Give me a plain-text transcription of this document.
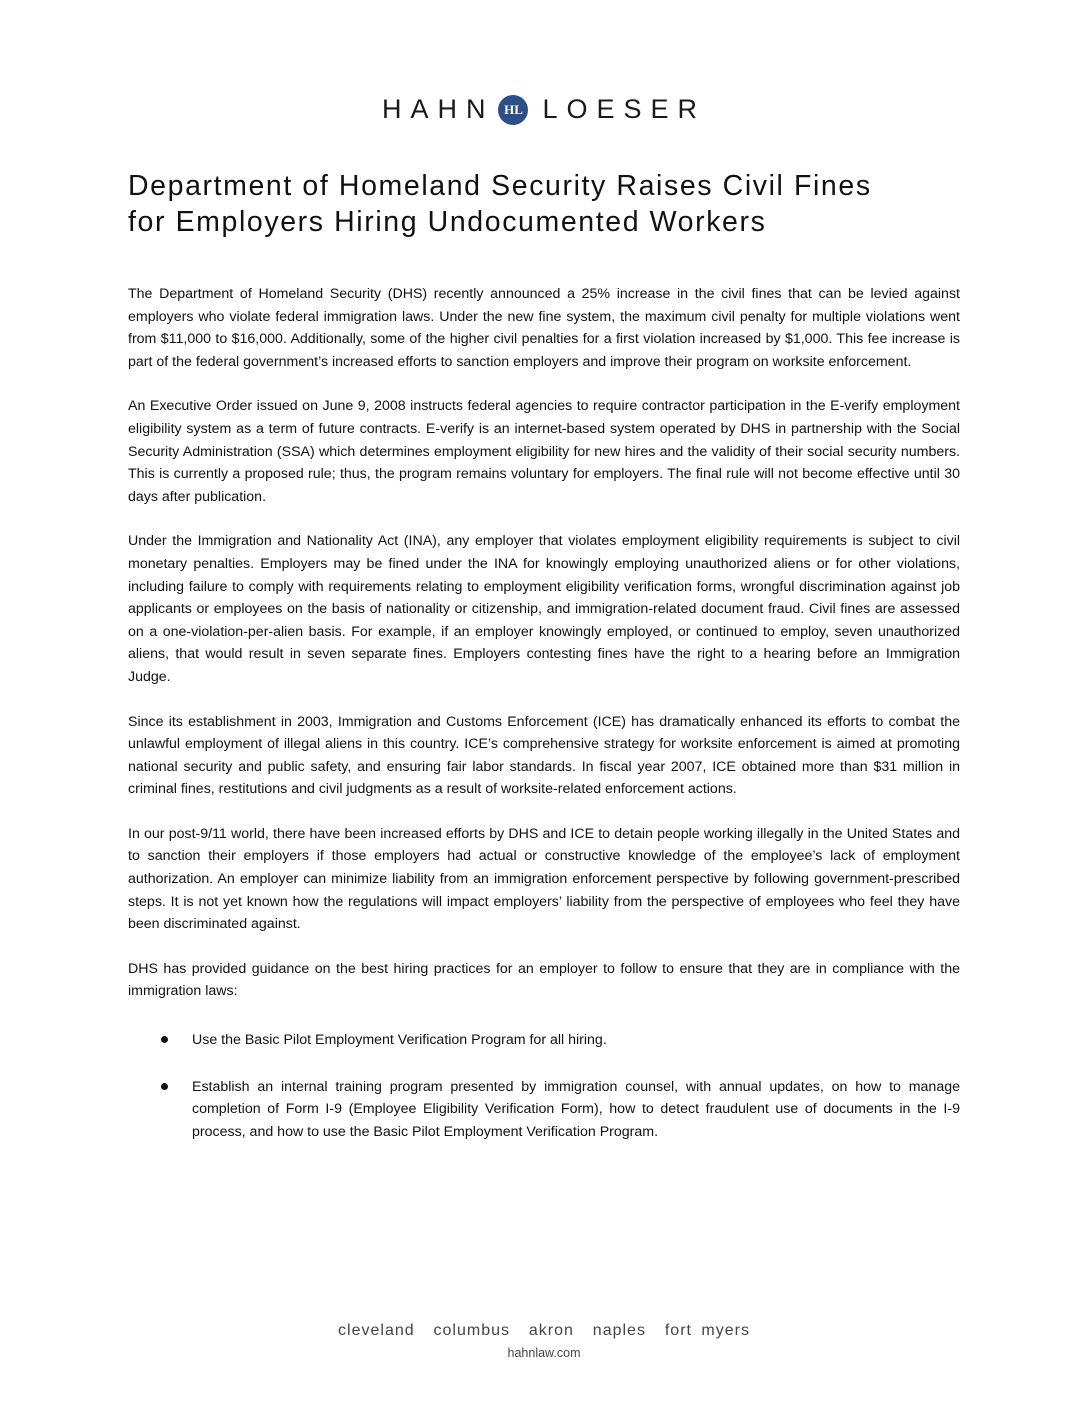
HAHN HL LOESER
Department of Homeland Security Raises Civil Fines
for Employers Hiring Undocumented Workers

The Department of Homeland Security (DHS) recently announced a 25% increase in the civil fines that can be levied against employers who violate federal immigration laws. Under the new fine system, the maximum civil penalty for multiple violations went from $11,000 to $16,000. Additionally, some of the higher civil penalties for a first violation increased by $1,000. This fee increase is part of the federal government’s increased efforts to sanction employers and improve their program on worksite enforcement.

An Executive Order issued on June 9, 2008 instructs federal agencies to require contractor participation in the E-verify employment eligibility system as a term of future contracts. E-verify is an internet-based system operated by DHS in partnership with the Social Security Administration (SSA) which determines employment eligibility for new hires and the validity of their social security numbers. This is currently a proposed rule; thus, the program remains voluntary for employers. The final rule will not become effective until 30 days after publication.

Under the Immigration and Nationality Act (INA), any employer that violates employment eligibility requirements is subject to civil monetary penalties. Employers may be fined under the INA for knowingly employing unauthorized aliens or for other violations, including failure to comply with requirements relating to employment eligibility verification forms, wrongful discrimination against job applicants or employees on the basis of nationality or citizenship, and immigration-related document fraud. Civil fines are assessed on a one-violation-per-alien basis. For example, if an employer knowingly employed, or continued to employ, seven unauthorized aliens, that would result in seven separate fines. Employers contesting fines have the right to a hearing before an Immigration Judge.

Since its establishment in 2003, Immigration and Customs Enforcement (ICE) has dramatically enhanced its efforts to combat the unlawful employment of illegal aliens in this country. ICE’s comprehensive strategy for worksite enforcement is aimed at promoting national security and public safety, and ensuring fair labor standards. In fiscal year 2007, ICE obtained more than $31 million in criminal fines, restitutions and civil judgments as a result of worksite-related enforcement actions.

In our post-9/11 world, there have been increased efforts by DHS and ICE to detain people working illegally in the United States and to sanction their employers if those employers had actual or constructive knowledge of the employee’s lack of employment authorization. An employer can minimize liability from an immigration enforcement perspective by following government-prescribed steps. It is not yet known how the regulations will impact employers’ liability from the perspective of employees who feel they have been discriminated against.

DHS has provided guidance on the best hiring practices for an employer to follow to ensure that they are in compliance with the immigration laws:

Use the Basic Pilot Employment Verification Program for all hiring.
Establish an internal training program presented by immigration counsel, with annual updates, on how to manage completion of Form I-9 (Employee Eligibility Verification Form), how to detect fraudulent use of documents in the I-9 process, and how to use the Basic Pilot Employment Verification Program.
cleveland  columbus  akron  naples  fort myers
hahnlaw.com
